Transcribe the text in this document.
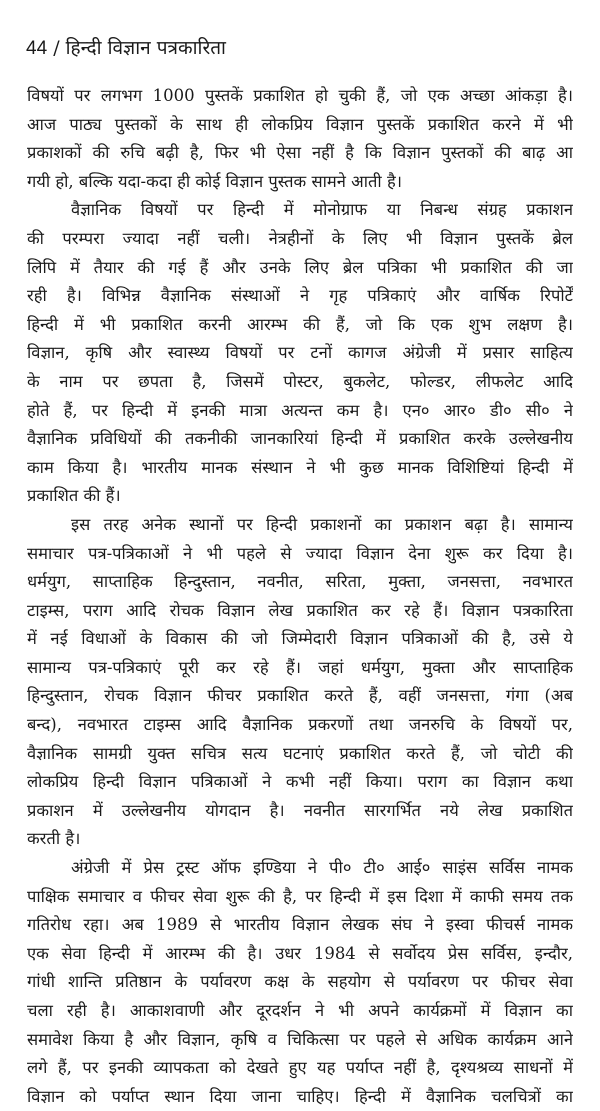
44 / हिन्दी विज्ञान पत्रकारिता
विषयों पर लगभग 1000 पुस्तकें प्रकाशित हो चुकी हैं, जो एक अच्छा आंकड़ा है।
आज पाठ्य पुस्तकों के साथ ही लोकप्रिय विज्ञान पुस्तकें प्रकाशित करने में भी
प्रकाशकों की रुचि बढ़ी है, फिर भी ऐसा नहीं है कि विज्ञान पुस्तकों की बाढ़ आ
गयी हो, बल्कि यदा-कदा ही कोई विज्ञान पुस्तक सामने आती है।
वैज्ञानिक विषयों पर हिन्दी में मोनोग्राफ या निबन्ध संग्रह प्रकाशन
की परम्परा ज्यादा नहीं चली। नेत्रहीनों के लिए भी विज्ञान पुस्तकें ब्रेल
लिपि में तैयार की गई हैं और उनके लिए ब्रेल पत्रिका भी प्रकाशित की जा
रही है। विभिन्न वैज्ञानिक संस्थाओं ने गृह पत्रिकाएं और वार्षिक रिपोर्टें
हिन्दी में भी प्रकाशित करनी आरम्भ की हैं, जो कि एक शुभ लक्षण है।
विज्ञान, कृषि और स्वास्थ्य विषयों पर टनों कागज अंग्रेजी में प्रसार साहित्य
के नाम पर छपता है, जिसमें पोस्टर, बुकलेट, फोल्डर, लीफलेट आदि
होते हैं, पर हिन्दी में इनकी मात्रा अत्यन्त कम है। एन० आर० डी० सी० ने
वैज्ञानिक प्रविधियों की तकनीकी जानकारियां हिन्दी में प्रकाशित करके उल्लेखनीय
काम किया है। भारतीय मानक संस्थान ने भी कुछ मानक विशिष्टियां हिन्दी में
प्रकाशित की हैं।
इस तरह अनेक स्थानों पर हिन्दी प्रकाशनों का प्रकाशन बढ़ा है। सामान्य
समाचार पत्र-पत्रिकाओं ने भी पहले से ज्यादा विज्ञान देना शुरू कर दिया है।
धर्मयुग, साप्ताहिक हिन्दुस्तान, नवनीत, सरिता, मुक्ता, जनसत्ता, नवभारत
टाइम्स, पराग आदि रोचक विज्ञान लेख प्रकाशित कर रहे हैं। विज्ञान पत्रकारिता
में नई विधाओं के विकास की जो जिम्मेदारी विज्ञान पत्रिकाओं की है, उसे ये
सामान्य पत्र-पत्रिकाएं पूरी कर रहे हैं। जहां धर्मयुग, मुक्ता और साप्ताहिक
हिन्दुस्तान, रोचक विज्ञान फीचर प्रकाशित करते हैं, वहीं जनसत्ता, गंगा (अब
बन्द), नवभारत टाइम्स आदि वैज्ञानिक प्रकरणों तथा जनरुचि के विषयों पर,
वैज्ञानिक सामग्री युक्त सचित्र सत्य घटनाएं प्रकाशित करते हैं, जो चोटी की
लोकप्रिय हिन्दी विज्ञान पत्रिकाओं ने कभी नहीं किया। पराग का विज्ञान कथा
प्रकाशन में उल्लेखनीय योगदान है। नवनीत सारगर्भित नये लेख प्रकाशित
करती है।
अंग्रेजी में प्रेस ट्रस्ट ऑफ इण्डिया ने पी० टी० आई० साइंस सर्विस नामक
पाक्षिक समाचार व फीचर सेवा शुरू की है, पर हिन्दी में इस दिशा में काफी समय तक
गतिरोध रहा। अब 1989 से भारतीय विज्ञान लेखक संघ ने इस्वा फीचर्स नामक
एक सेवा हिन्दी में आरम्भ की है। उधर 1984 से सर्वोदय प्रेस सर्विस, इन्दौर,
गांधी शान्ति प्रतिष्ठान के पर्यावरण कक्ष के सहयोग से पर्यावरण पर फीचर सेवा
चला रही है। आकाशवाणी और दूरदर्शन ने भी अपने कार्यक्रमों में विज्ञान का
समावेश किया है और विज्ञान, कृषि व चिकित्सा पर पहले से अधिक कार्यक्रम आने
लगे हैं, पर इनकी व्यापकता को देखते हुए यह पर्याप्त नहीं है, दृश्यश्रव्य साधनों में
विज्ञान को पर्याप्त स्थान दिया जाना चाहिए। हिन्दी में वैज्ञानिक चलचित्रों का
